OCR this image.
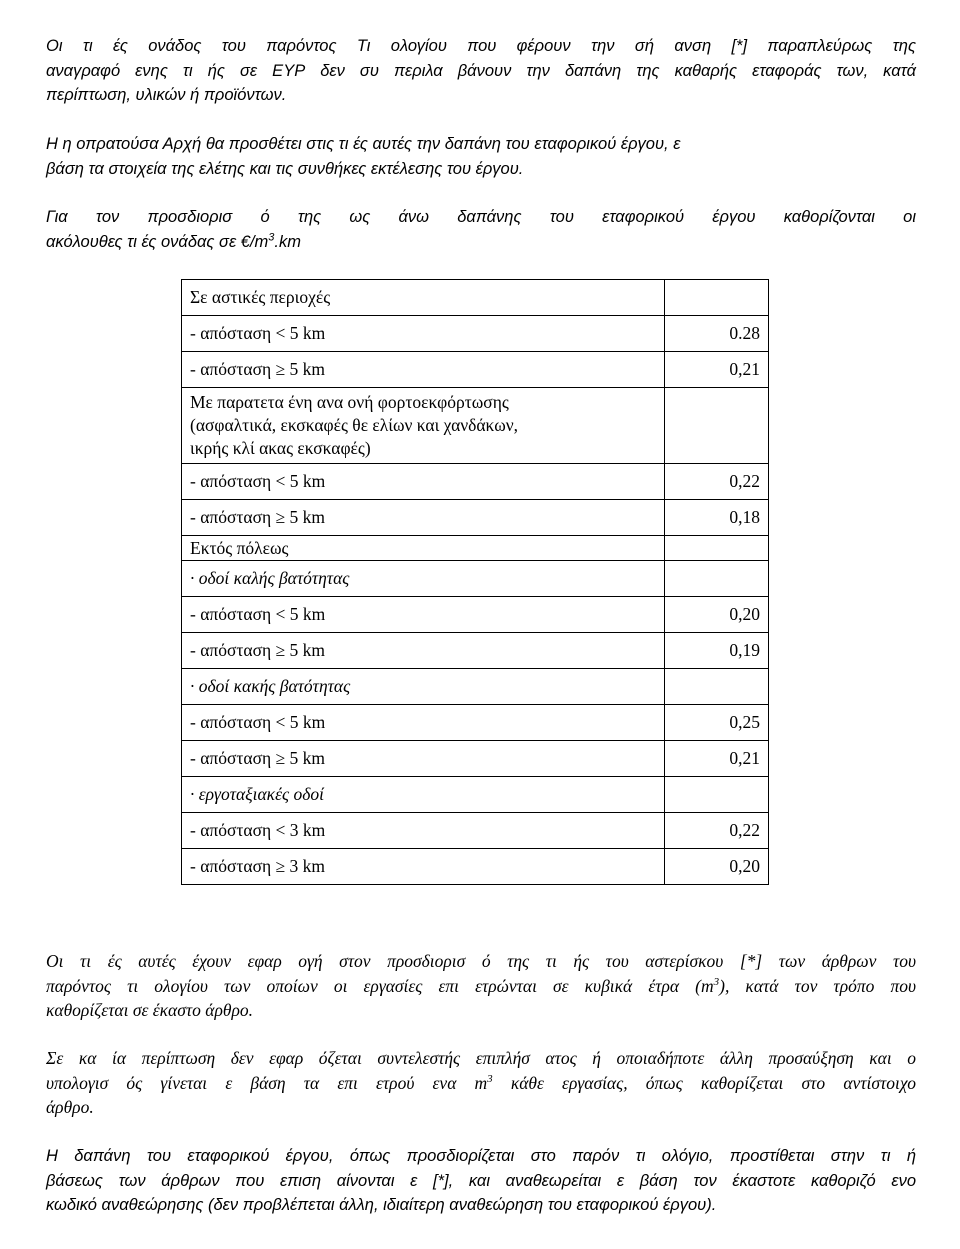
Οι τι ές ονάδος του παρόντος Τι ολογίου που φέρουν την σή ανση [*] παραπλεύρως της
αναγραφό ενης τι ής σε ΕΥΡ δεν συ περιλα βάνουν την δαπάνη της καθαρής εταφοράς των, κατά
περίπτωση, υλικών ή προϊόντων.
Η η οπρατούσα Αρχή θα προσθέτει στις τι ές αυτές την δαπάνη του εταφορικού έργου, ε
βάση τα στοιχεία της ελέτης και τις συνθήκες εκτέλεσης του έργου.
Για τον προσδιορισ ό της ως άνω δαπάνης του εταφορικού έργου καθορίζονται οι
ακόλουθες τι ές ονάδας σε $€/m^3.km$
Σε αστικές περιοχές	
- απόσταση < 5 km	0.28
- απόσταση ≥ 5 km	0,21

Με παρατετα ένη ανα ονή φορτοεκφόρτωσης
(ασφαλτικά, εκσκαφές θε ελίων και χανδάκων,
ικρής κλί ακας εκσκαφές)	

- απόσταση < 5 km	0,22
- απόσταση ≥ 5 km	0,18
Εκτός πόλεως	
· οδοί καλής βατότητας	
- απόσταση < 5 km	0,20
- απόσταση ≥ 5 km	0,19
· οδοί κακής βατότητας	
- απόσταση < 5 km	0,25
- απόσταση ≥ 5 km	0,21
· εργοταξιακές οδοί	
- απόσταση < 3 km	0,22
- απόσταση ≥ 3 km	0,20
Οι τι ές αυτές έχουν εφαρ ογή στον προσδιορισ ό της τι ής του αστερίσκου [*] των άρθρων του
παρόντος τι ολογίου των οποίων οι εργασίες επι ετρώνται σε κυβικά έτρα $(m^3)$, κατά τον τρόπο που
καθορίζεται σε έκαστο άρθρο.
Σε κα ία περίπτωση δεν εφαρ όζεται συντελεστής επιπλήσ ατος ή οποιαδήποτε άλλη προσαύξηση και ο
υπολογισ ός γίνεται ε βάση τα επι ετρού ενα $m^3$ κάθε εργασίας, όπως καθορίζεται στο αντίστοιχο
άρθρο.
Η δαπάνη του εταφορικού έργου, όπως προσδιορίζεται στο παρόν τι ολόγιο, προστίθεται στην τι ή
βάσεως των άρθρων που επιση αίνονται ε [*], και αναθεωρείται ε βάση τον έκαστοτε καθοριζό ενο
κωδικό αναθεώρησης (δεν προβλέπεται άλλη, ιδιαίτερη αναθεώρηση του εταφορικού έργου).
